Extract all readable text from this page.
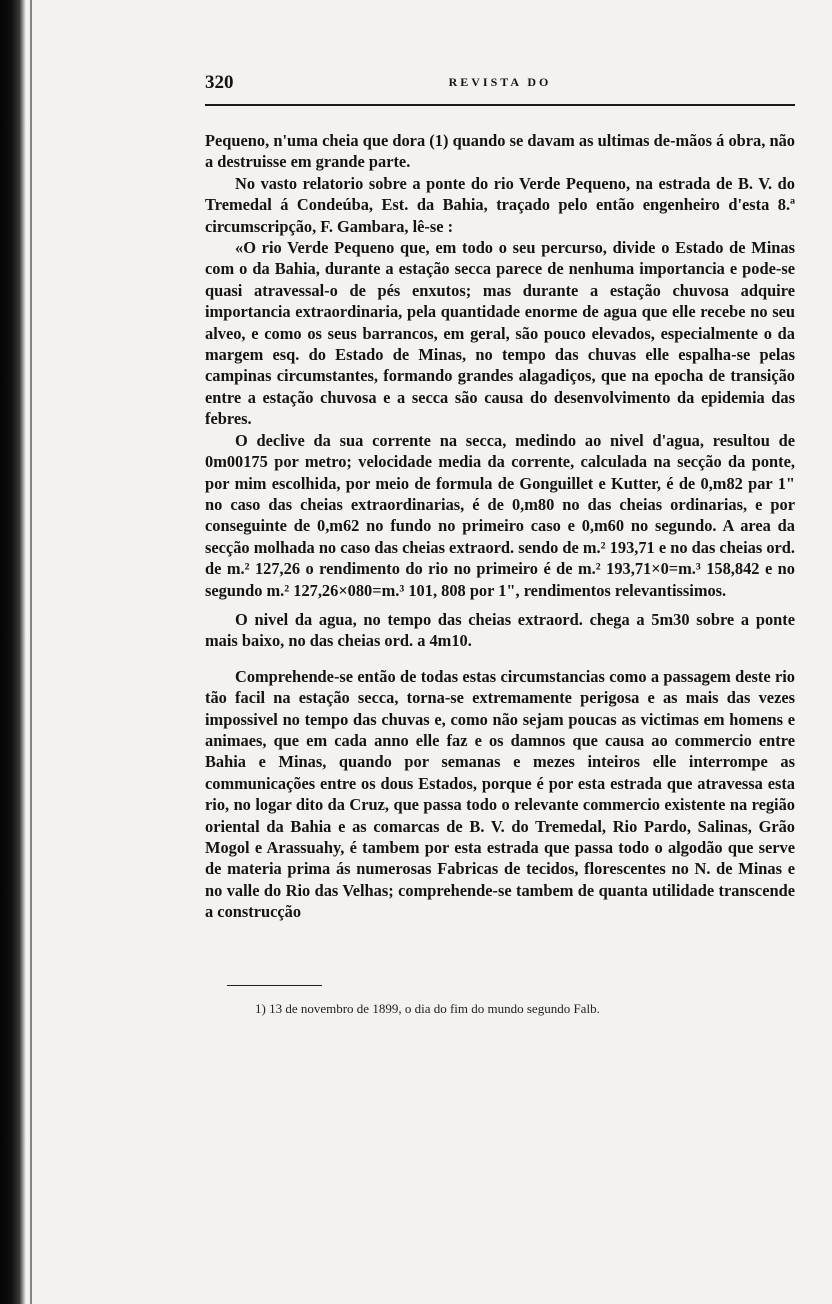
320	REVISTA DO

Pequeno, n'uma cheia que dora (1) quando se davam as ultimas de-mãos á obra, não a destruisse em grande parte.

No vasto relatorio sobre a ponte do rio Verde Pequeno, na estrada de B. V. do Tremedal á Condeúba, Est. da Bahia, traçado pelo então engenheiro d'esta 8.ª circumscripção, F. Gambara, lê-se :

«O rio Verde Pequeno que, em todo o seu percurso, divide o Estado de Minas com o da Bahia, durante a estação secca parece de nenhuma importancia e pode-se quasi atravessal-o de pés enxutos; mas durante a estação chuvosa adquire importancia extraordinaria, pela quantidade enorme de agua que elle recebe no seu alveo, e como os seus barrancos, em geral, são pouco elevados, especialmente o da margem esq. do Estado de Minas, no tempo das chuvas elle espalha-se pelas campinas circumstantes, formando grandes alagadiços, que na epocha de transição entre a estação chuvosa e a secca são causa do desenvolvimento da epidemia das febres.

O declive da sua corrente na secca, medindo ao nivel d'agua, resultou de 0m00175 por metro; velocidade media da corrente, calculada na secção da ponte, por mim escolhida, por meio de formula de Gonguillet e Kutter, é de 0,m82 par 1" no caso das cheias extraordinarias, é de 0,m80 no das cheias ordinarias, e por conseguinte de 0,m62 no fundo no primeiro caso e 0,m60 no segundo. A area da secção molhada no caso das cheias extraord. sendo de m.² 193,71 e no das cheias ord. de m.² 127,26 o rendimento do rio no primeiro é de m.² 193,71×0=m.³ 158,842 e no segundo m.² 127,26×080=m.³ 101, 808 por 1", rendimentos relevantissimos.

O nivel da agua, no tempo das cheias extraord. chega a 5m30 sobre a ponte mais baixo, no das cheias ord. a 4m10.

Comprehende-se então de todas estas circumstancias como a passagem deste rio tão facil na estação secca, torna-se extremamente perigosa e as mais das vezes impossivel no tempo das chuvas e, como não sejam poucas as victimas em homens e animaes, que em cada anno elle faz e os damnos que causa ao commercio entre Bahia e Minas, quando por semanas e mezes inteiros elle interrompe as communicações entre os dous Estados, porque é por esta estrada que atravessa esta rio, no logar dito da Cruz, que passa todo o relevante commercio existente na região oriental da Bahia e as comarcas de B. V. do Tremedal, Rio Pardo, Salinas, Grão Mogol e Arassuahy, é tambem por esta estrada que passa todo o algodão que serve de materia prima ás numerosas Fabricas de tecidos, florescentes no N. de Minas e no valle do Rio das Velhas; comprehende-se tambem de quanta utilidade transcende a construcção

1) 13 de novembro de 1899, o dia do fim do mundo segundo Falb.
